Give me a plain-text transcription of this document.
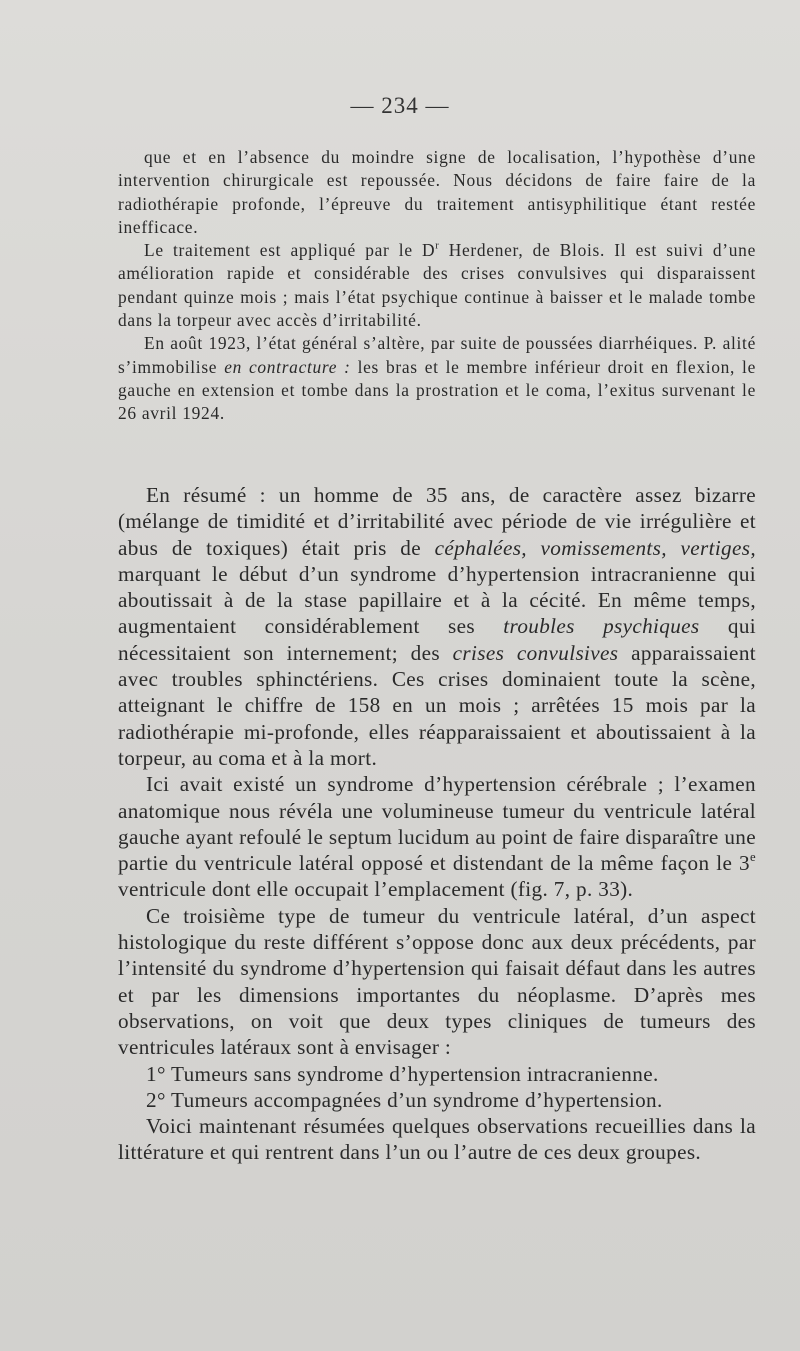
— 234 —

que et en l’absence du moindre signe de localisation, l’hypothèse d’une intervention chirurgicale est repoussée. Nous décidons de faire faire de la radiothérapie profonde, l’épreuve du traitement antisyphilitique étant restée inefficace.

Le traitement est appliqué par le $D^r$ Herdener, de Blois. Il est suivi d’une amélioration rapide et considérable des crises convulsives qui disparaissent pendant quinze mois ; mais l’état psychique continue à baisser et le malade tombe dans la torpeur avec accès d’irritabilité.

En août 1923, l’état général s’altère, par suite de poussées diarrhéiques. P. alité s’immobilise en contracture : les bras et le membre inférieur droit en flexion, le gauche en extension et tombe dans la prostration et le coma, l’exitus survenant le 26 avril 1924.

En résumé : un homme de 35 ans, de caractère assez bizarre (mélange de timidité et d’irritabilité avec période de vie irrégulière et abus de toxiques) était pris de céphalées, vomissements, vertiges, marquant le début d’un syndrome d’hypertension intracranienne qui aboutissait à de la stase papillaire et à la cécité. En même temps, augmentaient considérablement ses troubles psychiques qui nécessitaient son internement; des crises convulsives apparaissaient avec troubles sphinctériens. Ces crises dominaient toute la scène, atteignant le chiffre de 158 en un mois ; arrêtées 15 mois par la radiothérapie mi-profonde, elles réapparaissaient et aboutissaient à la torpeur, au coma et à la mort.

Ici avait existé un syndrome d’hypertension cérébrale ; l’examen anatomique nous révéla une volumineuse tumeur du ventricule latéral gauche ayant refoulé le septum lucidum au point de faire disparaître une partie du ventricule latéral opposé et distendant de la même façon le 3e ventricule dont elle occupait l’emplacement (fig. 7, p. 33).

Ce troisième type de tumeur du ventricule latéral, d’un aspect histologique du reste différent s’oppose donc aux deux précédents, par l’intensité du syndrome d’hypertension qui faisait défaut dans les autres et par les dimensions importantes du néoplasme. D’après mes observations, on voit que deux types cliniques de tumeurs des ventricules latéraux sont à envisager :

1° Tumeurs sans syndrome d’hypertension intracranienne.

2° Tumeurs accompagnées d’un syndrome d’hypertension.

Voici maintenant résumées quelques observations recueillies dans la littérature et qui rentrent dans l’un ou l’autre de ces deux groupes.
